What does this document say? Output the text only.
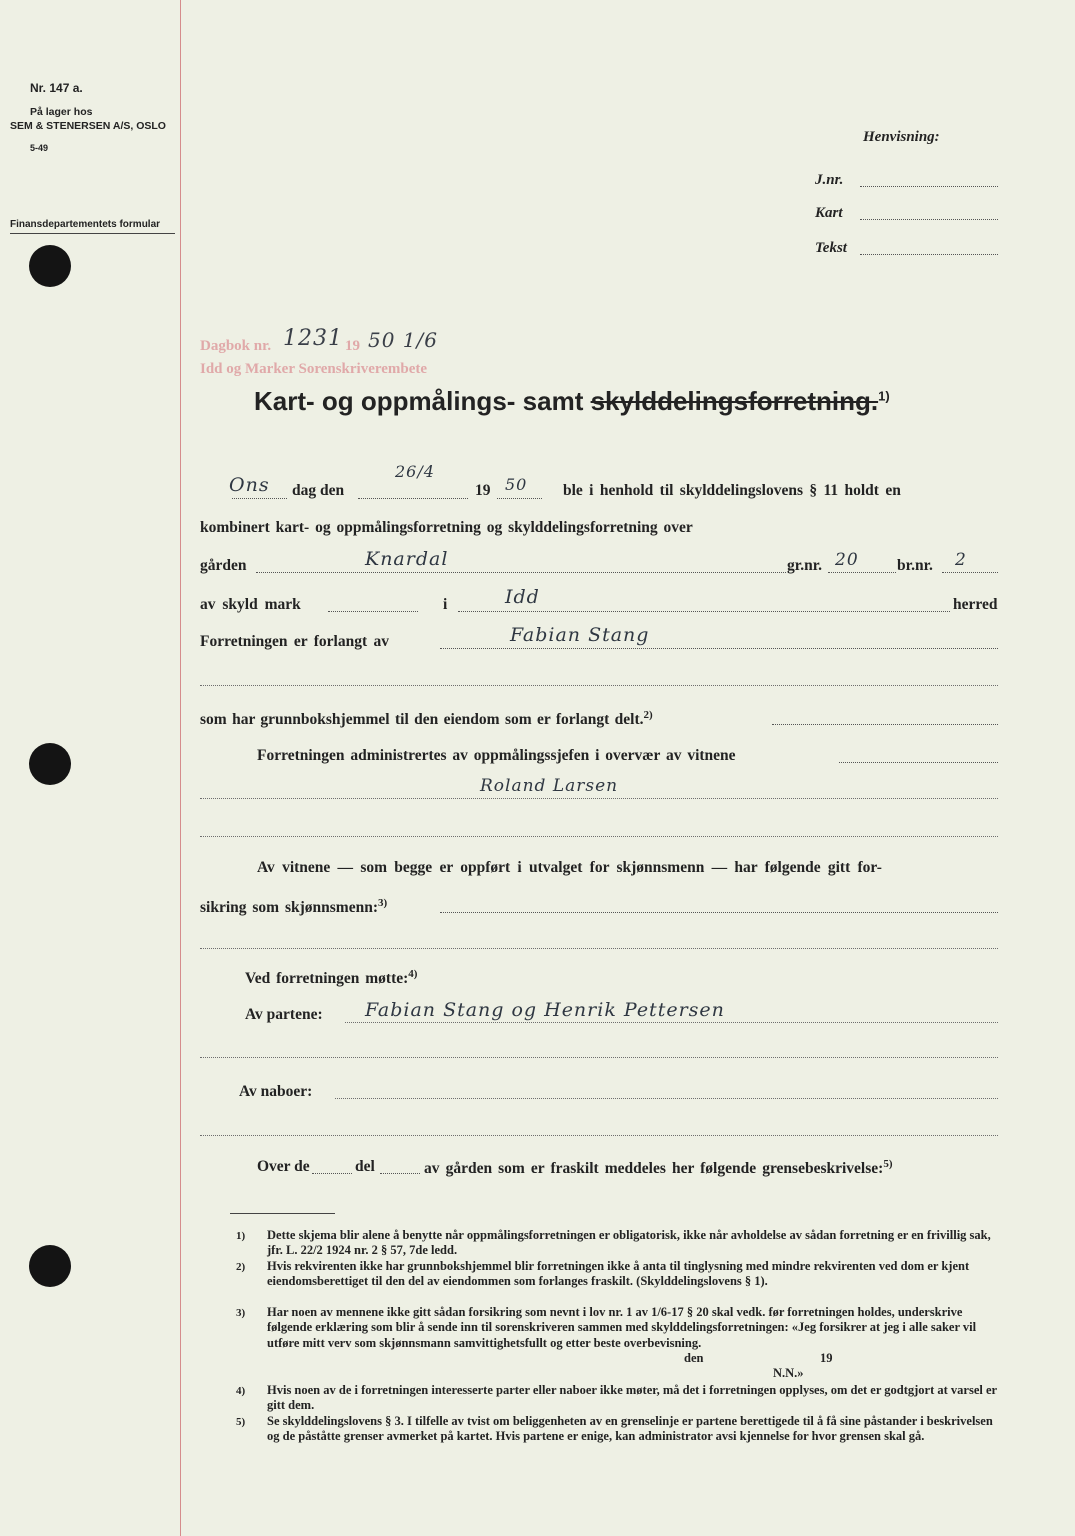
Nr. 147 a.
På lager hos
SEM & STENERSEN A/S, OSLO
5-49
Finansdepartementets formular
Henvisning:
J.nr.
Kart
Tekst
Dagbok nr. 1231 19 50 1/6
Idd og Marker Sorenskriverembete
Kart- og oppmålings- samt skylddelingsforretning.$^{1)}$
Ons dag den
26/4
19 50 ble i henhold til skylddelingslovens § 11 holdt en
kombinert kart- og oppmålingsforretning og skylddelingsforretning over
gården	Knardal	gr.nr. 20 br.nr. 2
av skyld mark	i	Idd	herred
Forretningen er forlangt av	Fabian Stang
som har grunnbokshjemmel til den eiendom som er forlangt delt.$^{2)}$
Forretningen administrertes av oppmålingssjefen i overvær av vitnene
Roland Larsen
Av vitnene — som begge er oppført i utvalget for skjønnsmenn — har følgende gitt for-
sikring som skjønnsmenn:$^{3)}$
Ved forretningen møtte:$^{4)}$
Av partene: Fabian Stang og Henrik Pettersen
Av naboer:
Over de	del	av gården som er fraskilt meddeles her følgende grensebeskrivelse:$^{5)}$
1) Dette skjema blir alene å benytte når oppmålingsforretningen er obligatorisk, ikke når avholdelse av sådan forretning er en frivillig sak, jfr. L. 22/2 1924 nr. 2 § 57, 7de ledd.
2) Hvis rekvirenten ikke har grunnbokshjemmel blir forretningen ikke å anta til tinglysning med mindre rekvirenten ved dom er kjent eiendomsberettiget til den del av eiendommen som forlanges fraskilt. (Skylddelingslovens § 1).
3) Har noen av mennene ikke gitt sådan forsikring som nevnt i lov nr. 1 av 1/6-17 § 20 skal vedk. før forretningen holdes, underskrive følgende erklæring som blir å sende inn til sorenskriveren sammen med skylddelingsforretningen: «Jeg forsikrer at jeg i alle saker vil utføre mitt verv som skjønnsmann samvittighetsfullt og etter beste overbevisning.
den	19
N.N.»
4) Hvis noen av de i forretningen interesserte parter eller naboer ikke møter, må det i forretningen opplyses, om det er godtgjort at varsel er gitt dem.
5) Se skylddelingslovens § 3. I tilfelle av tvist om beliggenheten av en grenselinje er partene berettigede til å få sine påstander i beskrivelsen og de påståtte grenser avmerket på kartet. Hvis partene er enige, kan administrator avsi kjennelse for hvor grensen skal gå.
